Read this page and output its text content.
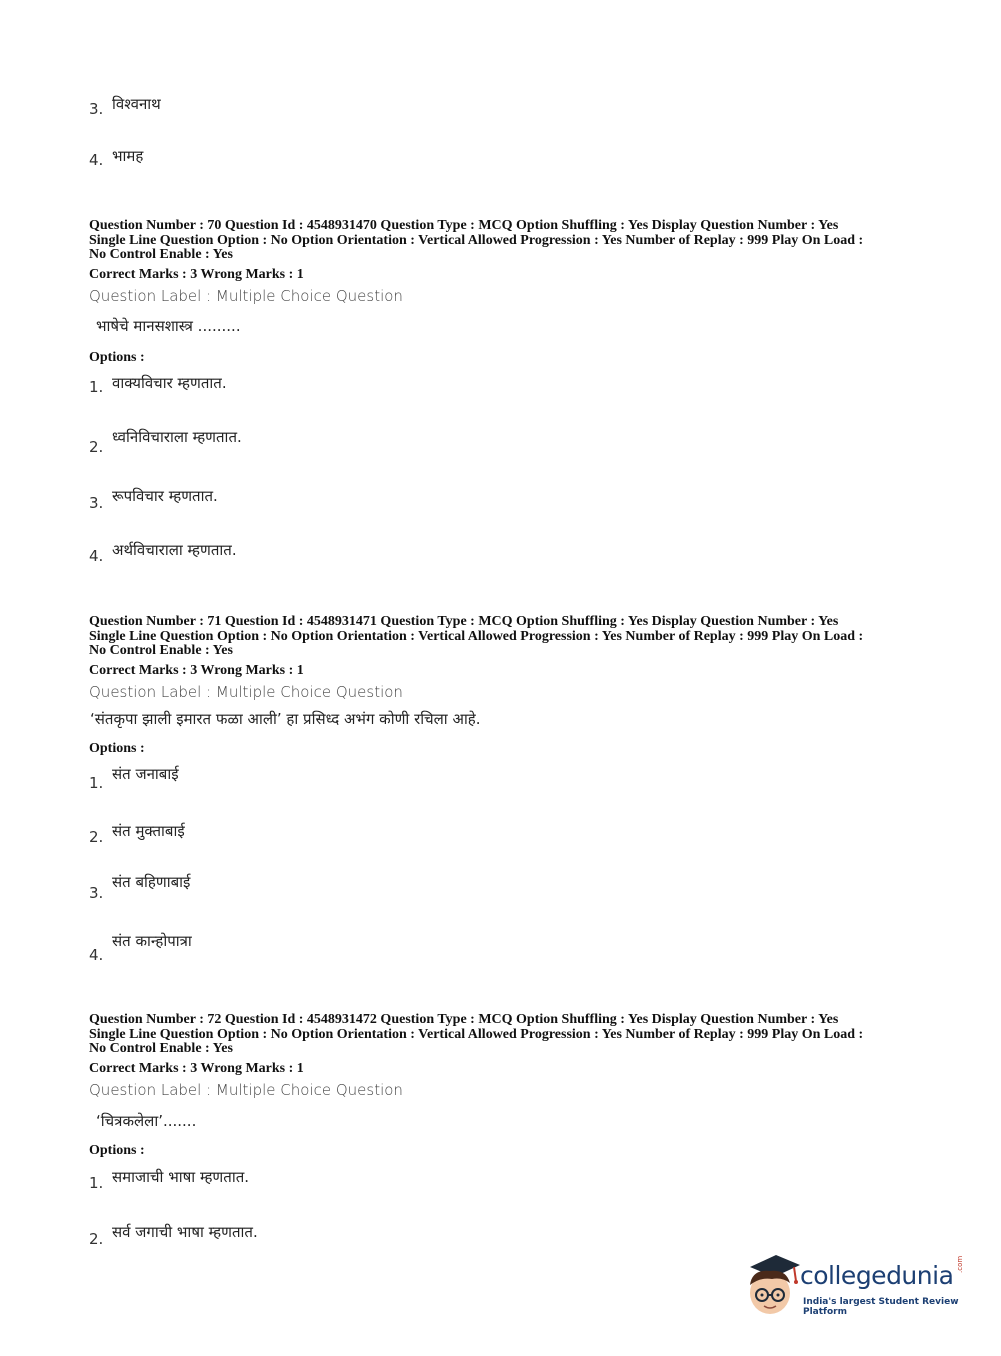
3. विश्वनाथ
4. भामह
Question Number : 70 Question Id : 4548931470 Question Type : MCQ Option Shuffling : Yes Display Question Number : Yes
Single Line Question Option : No Option Orientation : Vertical Allowed Progression : Yes Number of Replay : 999 Play On Load :
No Control Enable : Yes
Correct Marks : 3 Wrong Marks : 1
Question Label : Multiple Choice Question
भाषेचे मानसशास्त्र .........
Options :
1. वाक्यविचार म्हणतात.
2.
ध्वनिविचाराला म्हणतात.
3. रूपविचार म्हणतात.
4. अर्थविचाराला म्हणतात.
Question Number : 71 Question Id : 4548931471 Question Type : MCQ Option Shuffling : Yes Display Question Number : Yes
Single Line Question Option : No Option Orientation : Vertical Allowed Progression : Yes Number of Replay : 999 Play On Load :
No Control Enable : Yes
Correct Marks : 3 Wrong Marks : 1
Question Label : Multiple Choice Question
‘संतकृपा झाली इमारत फळा आली’ हा प्रसिध्द अभंग कोणी रचिला आहे.
Options :
1. संत जनाबाई
2. संत मुक्ताबाई
3.
संत बहिणाबाई
4.
संत कान्होपात्रा
Question Number : 72 Question Id : 4548931472 Question Type : MCQ Option Shuffling : Yes Display Question Number : Yes
Single Line Question Option : No Option Orientation : Vertical Allowed Progression : Yes Number of Replay : 999 Play On Load :
No Control Enable : Yes
Correct Marks : 3 Wrong Marks : 1
Question Label : Multiple Choice Question
‘चित्रकलेला’.......
Options :
1. समाजाची भाषा म्हणतात.
2. सर्व जगाची भाषा म्हणतात.
collegedunia .com
India's largest Student Review Platform
